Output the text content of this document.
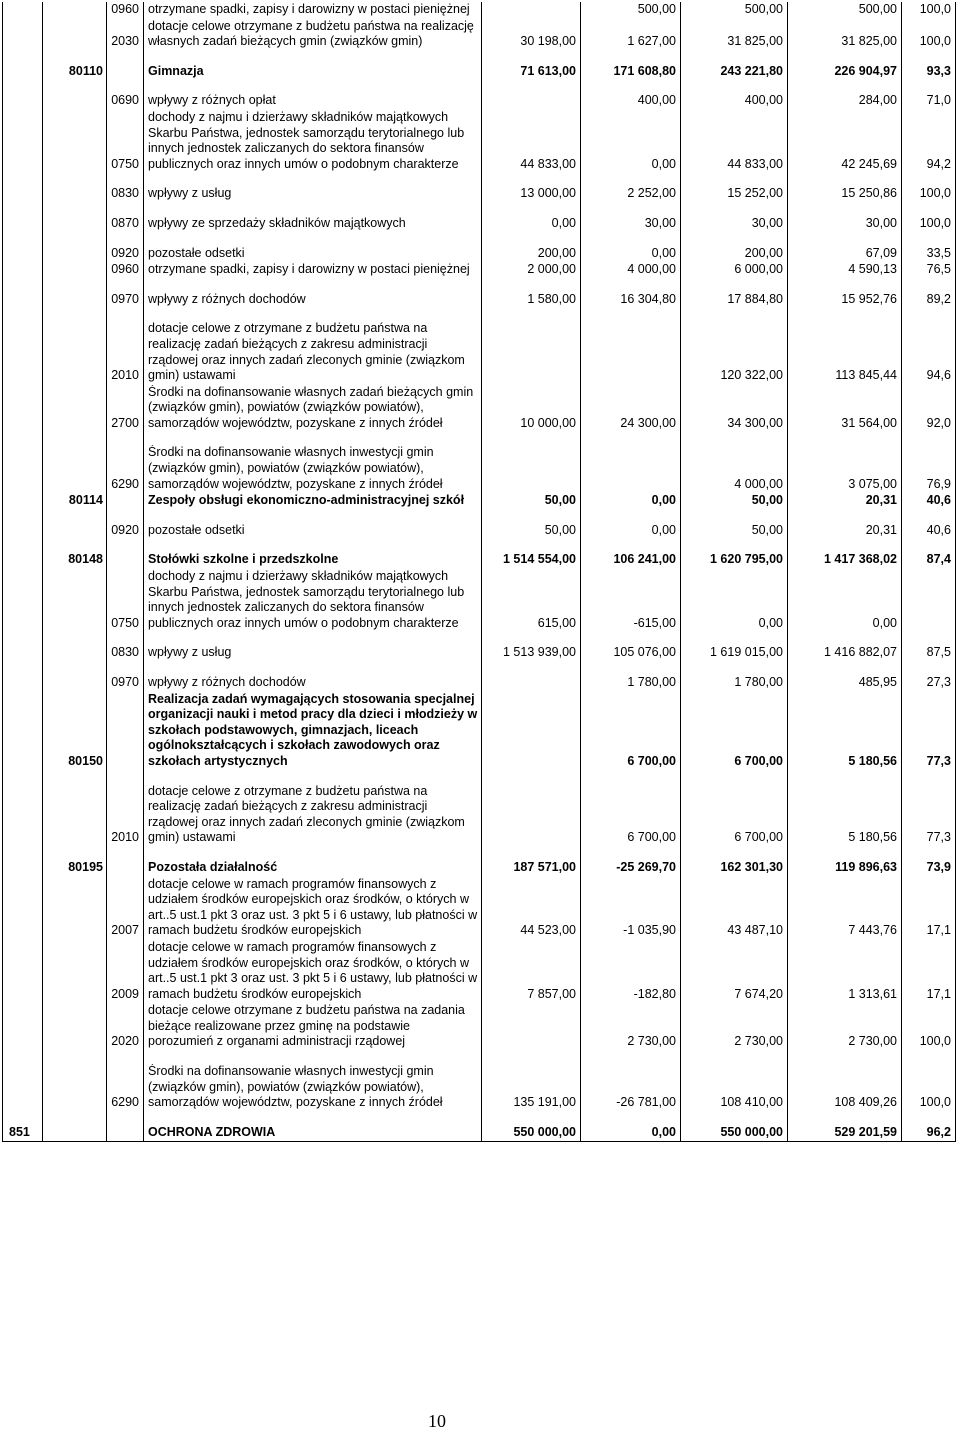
		0960	otrzymane spadki, zapisy i darowizny w postaci pieniężnej		500,00	500,00	500,00	100,0
		2030	dotacje celowe otrzymane z budżetu państwa na realizację własnych zadań bieżących gmin (związków gmin)	30 198,00	1 627,00	31 825,00	31 825,00	100,0

	80110		Gimnazja	71 613,00	171 608,80	243 221,80	226 904,97	93,3

		0690	wpływy z różnych opłat		400,00	400,00	284,00	71,0
		0750	dochody z najmu i dzierżawy składników majątkowych Skarbu Państwa, jednostek samorządu terytorialnego lub innych jednostek zaliczanych do sektora finansów publicznych oraz innych umów o podobnym charakterze	44 833,00	0,00	44 833,00	42 245,69	94,2

		0830	wpływy z usług	13 000,00	2 252,00	15 252,00	15 250,86	100,0

		0870	wpływy ze sprzedaży składników majątkowych	0,00	30,00	30,00	30,00	100,0

		0920	pozostałe odsetki	200,00	0,00	200,00	67,09	33,5
		0960	otrzymane spadki, zapisy i darowizny w postaci pieniężnej	2 000,00	4 000,00	6 000,00	4 590,13	76,5

		0970	wpływy z różnych dochodów	1 580,00	16 304,80	17 884,80	15 952,76	89,2

		2010	dotacje celowe z otrzymane z budżetu państwa na realizację zadań bieżących z zakresu administracji rządowej oraz innych zadań zleconych gminie (związkom gmin) ustawami			120 322,00	113 845,44	94,6
		2700	Środki na dofinansowanie własnych zadań bieżących gmin (związków gmin), powiatów (związków powiatów), samorządów województw, pozyskane z innych źródeł	10 000,00	24 300,00	34 300,00	31 564,00	92,0

		6290	Środki na dofinansowanie własnych inwestycji gmin (związków gmin), powiatów (związków powiatów), samorządów województw, pozyskane z innych źródeł			4 000,00	3 075,00	76,9
	80114		Zespoły obsługi ekonomiczno-administracyjnej szkół	50,00	0,00	50,00	20,31	40,6

		0920	pozostałe odsetki	50,00	0,00	50,00	20,31	40,6

	80148		Stołówki szkolne i przedszkolne	1 514 554,00	106 241,00	1 620 795,00	1 417 368,02	87,4
		0750	dochody z najmu i dzierżawy składników majątkowych Skarbu Państwa, jednostek samorządu terytorialnego lub innych jednostek zaliczanych do sektora finansów publicznych oraz innych umów o podobnym charakterze	615,00	-615,00	0,00	0,00	

		0830	wpływy z usług	1 513 939,00	105 076,00	1 619 015,00	1 416 882,07	87,5

		0970	wpływy z różnych dochodów		1 780,00	1 780,00	485,95	27,3
	80150		Realizacja zadań wymagających stosowania specjalnej organizacji nauki i metod pracy dla dzieci i młodzieży w szkołach podstawowych, gimnazjach, liceach ogólnokształcących i szkołach zawodowych oraz szkołach artystycznych		6 700,00	6 700,00	5 180,56	77,3

		2010	dotacje celowe z otrzymane z budżetu państwa na realizację zadań bieżących z zakresu administracji rządowej oraz innych zadań zleconych gminie (związkom gmin) ustawami		6 700,00	6 700,00	5 180,56	77,3

	80195		Pozostała działalność	187 571,00	-25 269,70	162 301,30	119 896,63	73,9
		2007	dotacje celowe w ramach programów finansowych z udziałem środków europejskich oraz środków, o których w art..5 ust.1 pkt 3 oraz ust. 3 pkt 5 i 6 ustawy, lub płatności w ramach budżetu środków europejskich	44 523,00	-1 035,90	43 487,10	7 443,76	17,1
		2009	dotacje celowe w ramach programów finansowych z udziałem środków europejskich oraz środków, o których w art..5 ust.1 pkt 3 oraz ust. 3 pkt 5 i 6 ustawy, lub płatności w ramach budżetu środków europejskich	7 857,00	-182,80	7 674,20	1 313,61	17,1
		2020	dotacje celowe otrzymane z budżetu państwa na zadania bieżące realizowane przez gminę na podstawie porozumień z organami administracji rządowej		2 730,00	2 730,00	2 730,00	100,0

		6290	Środki na dofinansowanie własnych inwestycji gmin (związków gmin), powiatów (związków powiatów), samorządów województw, pozyskane z innych źródeł	135 191,00	-26 781,00	108 410,00	108 409,26	100,0

851			OCHRONA ZDROWIA	550 000,00	0,00	550 000,00	529 201,59	96,2
10
